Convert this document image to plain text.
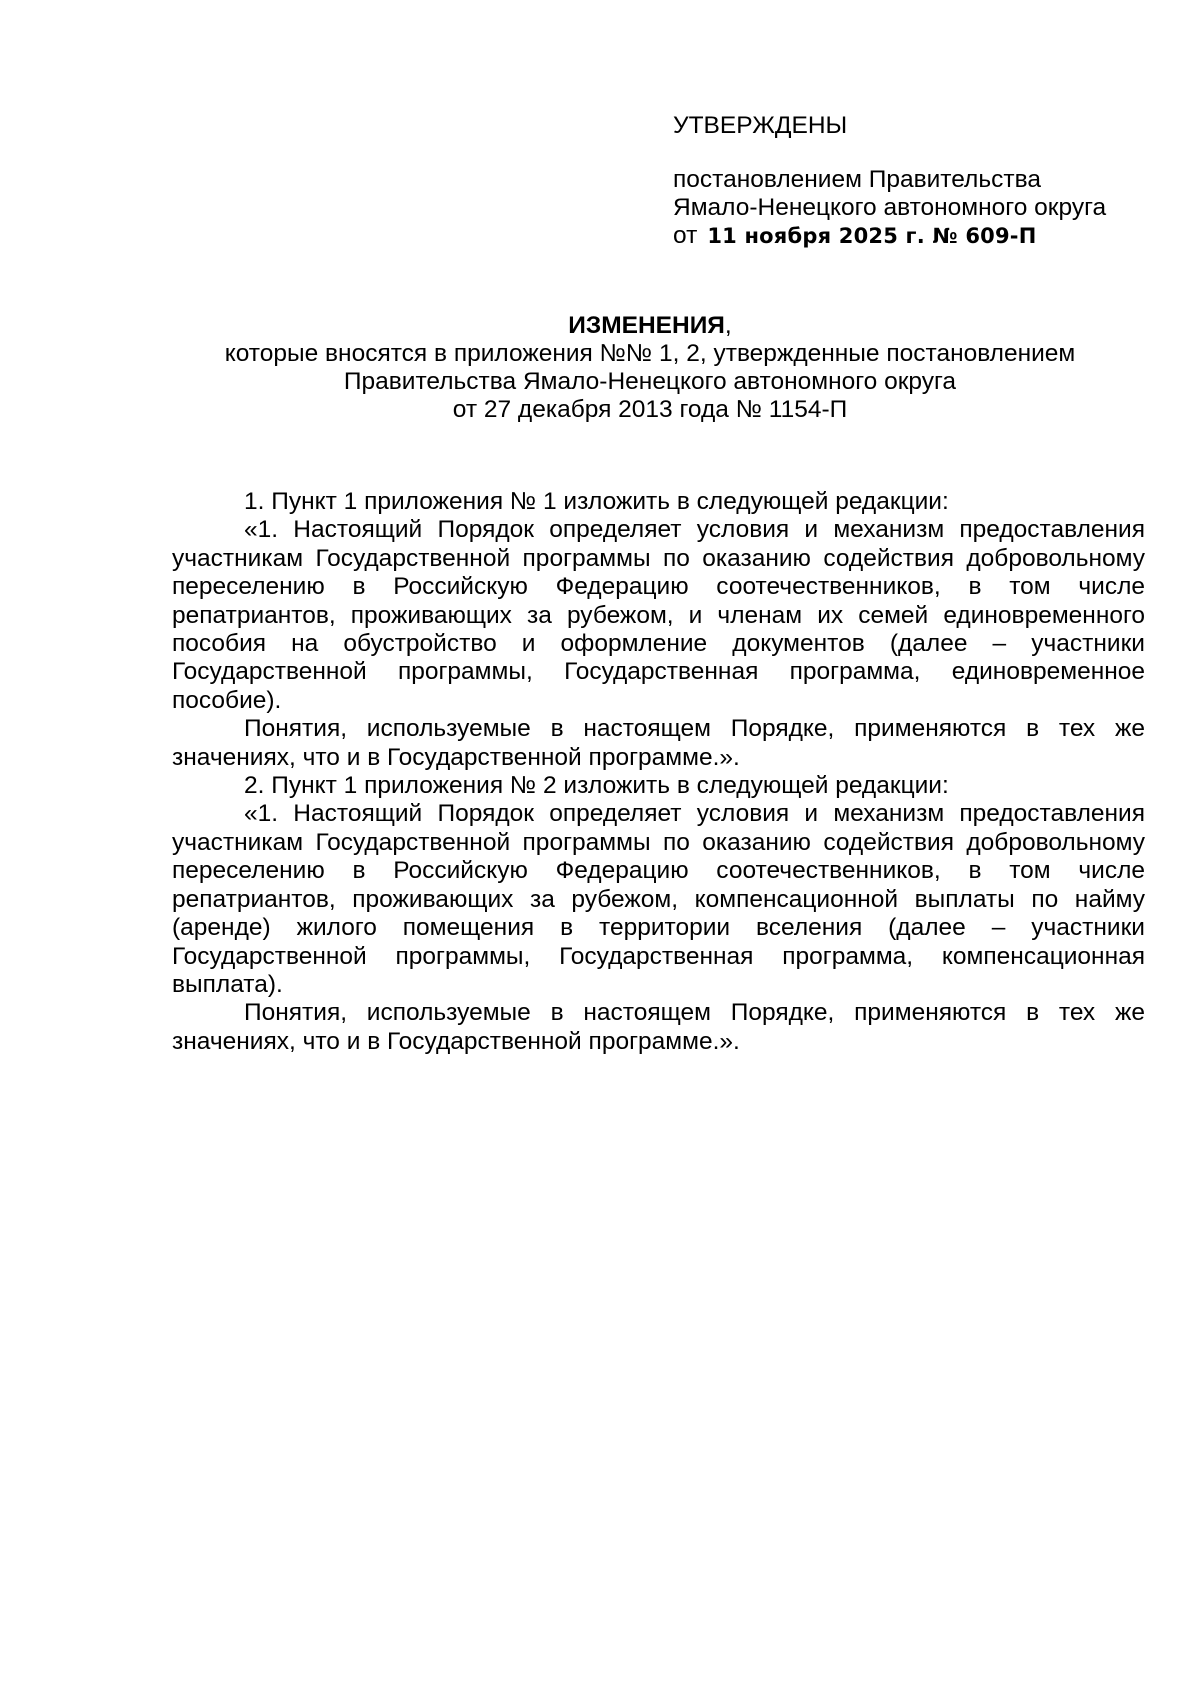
УТВЕРЖДЕНЫ
постановлением Правительства
Ямало-Ненецкого автономного округа
от 11 ноября 2025 г. № 609-П
ИЗМЕНЕНИЯ,
которые вносятся в приложения №№ 1, 2, утвержденные постановлением
Правительства Ямало-Ненецкого автономного округа
от 27 декабря 2013 года № 1154-П

1. Пункт 1 приложения № 1 изложить в следующей редакции:

«1. Настоящий Порядок определяет условия и механизм предоставления участникам Государственной программы по оказанию содействия добровольному переселению в Российскую Федерацию соотечественников, в том числе репатриантов, проживающих за рубежом, и членам их семей единовременного пособия на обустройство и оформление документов (далее – участники Государственной программы, Государственная программа, единовременное пособие).

Понятия, используемые в настоящем Порядке, применяются в тех же значениях, что и в Государственной программе.».

2. Пункт 1 приложения № 2 изложить в следующей редакции:

«1. Настоящий Порядок определяет условия и механизм предоставления участникам Государственной программы по оказанию содействия добровольному переселению в Российскую Федерацию соотечественников, в том числе репатриантов, проживающих за рубежом, компенсационной выплаты по найму (аренде) жилого помещения в территории вселения (далее – участники Государственной программы, Государственная программа, компенсационная выплата).

Понятия, используемые в настоящем Порядке, применяются в тех же значениях, что и в Государственной программе.».
